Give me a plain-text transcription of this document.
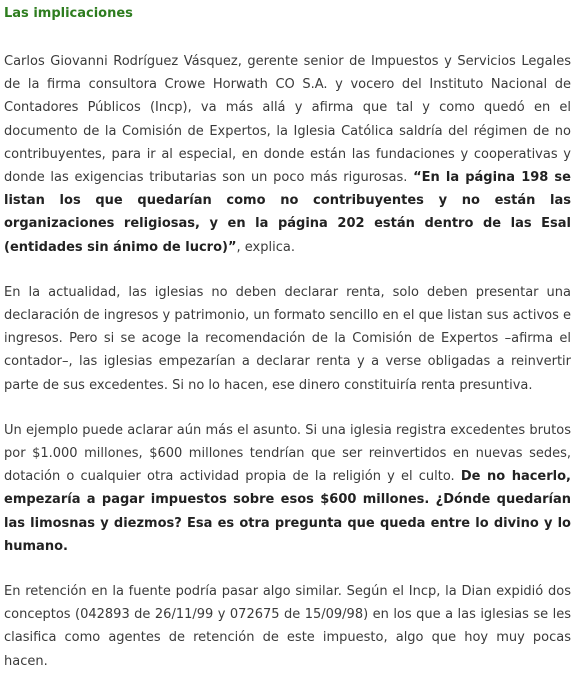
Las implicaciones

Carlos Giovanni Rodríguez Vásquez, gerente senior de Impuestos y Servicios Legales de la firma consultora Crowe Horwath CO S.A. y vocero del Instituto Nacional de Contadores Públicos (Incp), va más allá y afirma que tal y como quedó en el documento de la Comisión de Expertos, la Iglesia Católica saldría del régimen de no contribuyentes, para ir al especial, en donde están las fundaciones y cooperativas y donde las exigencias tributarias son un poco más rigurosas. “En la página 198 se listan los que quedarían como no contribuyentes y no están las organizaciones religiosas, y en la página 202 están dentro de las Esal (entidades sin ánimo de lucro)”, explica.

En la actualidad, las iglesias no deben declarar renta, solo deben presentar una declaración de ingresos y patrimonio, un formato sencillo en el que listan sus activos e ingresos. Pero si se acoge la recomendación de la Comisión de Expertos –afirma el contador–, las iglesias empezarían a declarar renta y a verse obligadas a reinvertir parte de sus excedentes. Si no lo hacen, ese dinero constituiría renta presuntiva.

Un ejemplo puede aclarar aún más el asunto. Si una iglesia registra excedentes brutos por $1.000 millones, $600 millones tendrían que ser reinvertidos en nuevas sedes, dotación o cualquier otra actividad propia de la religión y el culto. De no hacerlo, empezaría a pagar impuestos sobre esos $600 millones. ¿Dónde quedarían las limosnas y diezmos? Esa es otra pregunta que queda entre lo divino y lo humano.

En retención en la fuente podría pasar algo similar. Según el Incp, la Dian expidió dos conceptos (042893 de 26/11/99 y 072675 de 15/09/98) en los que a las iglesias se les clasifica como agentes de retención de este impuesto, algo que hoy muy pocas hacen.
